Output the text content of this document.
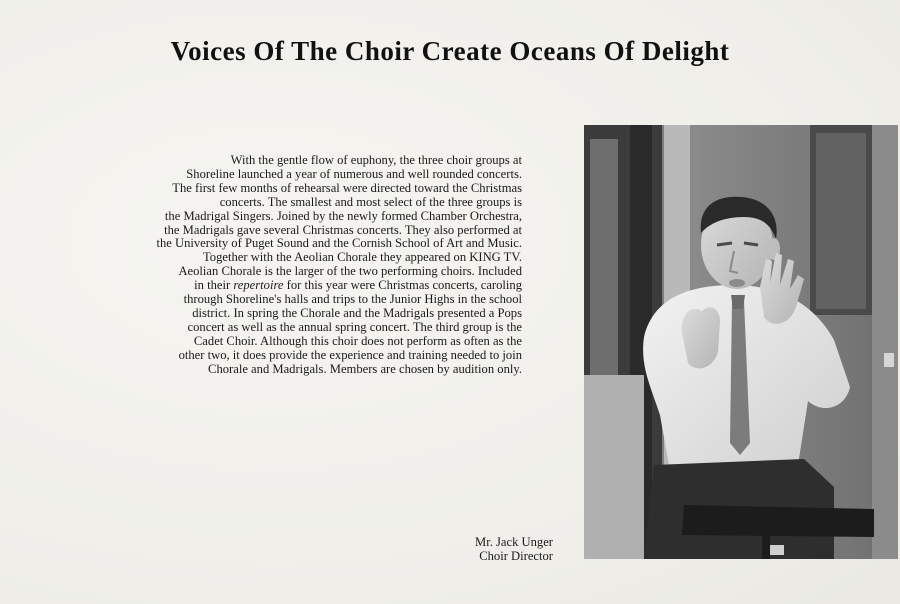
Voices Of The Choir Create Oceans Of Delight
With the gentle flow of euphony, the three choir groups at
Shoreline launched a year of numerous and well rounded concerts.
The first few months of rehearsal were directed toward the Christmas
concerts. The smallest and most select of the three groups is
the Madrigal Singers. Joined by the newly formed Chamber Orchestra,
the Madrigals gave several Christmas concerts. They also performed at
the University of Puget Sound and the Cornish School of Art and Music.
Together with the Aeolian Chorale they appeared on KING TV.
Aeolian Chorale is the larger of the two performing choirs. Included
in their repertoire for this year were Christmas concerts, caroling
through Shoreline's halls and trips to the Junior Highs in the school
district. In spring the Chorale and the Madrigals presented a Pops
concert as well as the annual spring concert. The third group is the
Cadet Choir. Although this choir does not perform as often as the
other two, it does provide the experience and training needed to join
Chorale and Madrigals. Members are chosen by audition only.
Mr. Jack Unger
Choir Director
